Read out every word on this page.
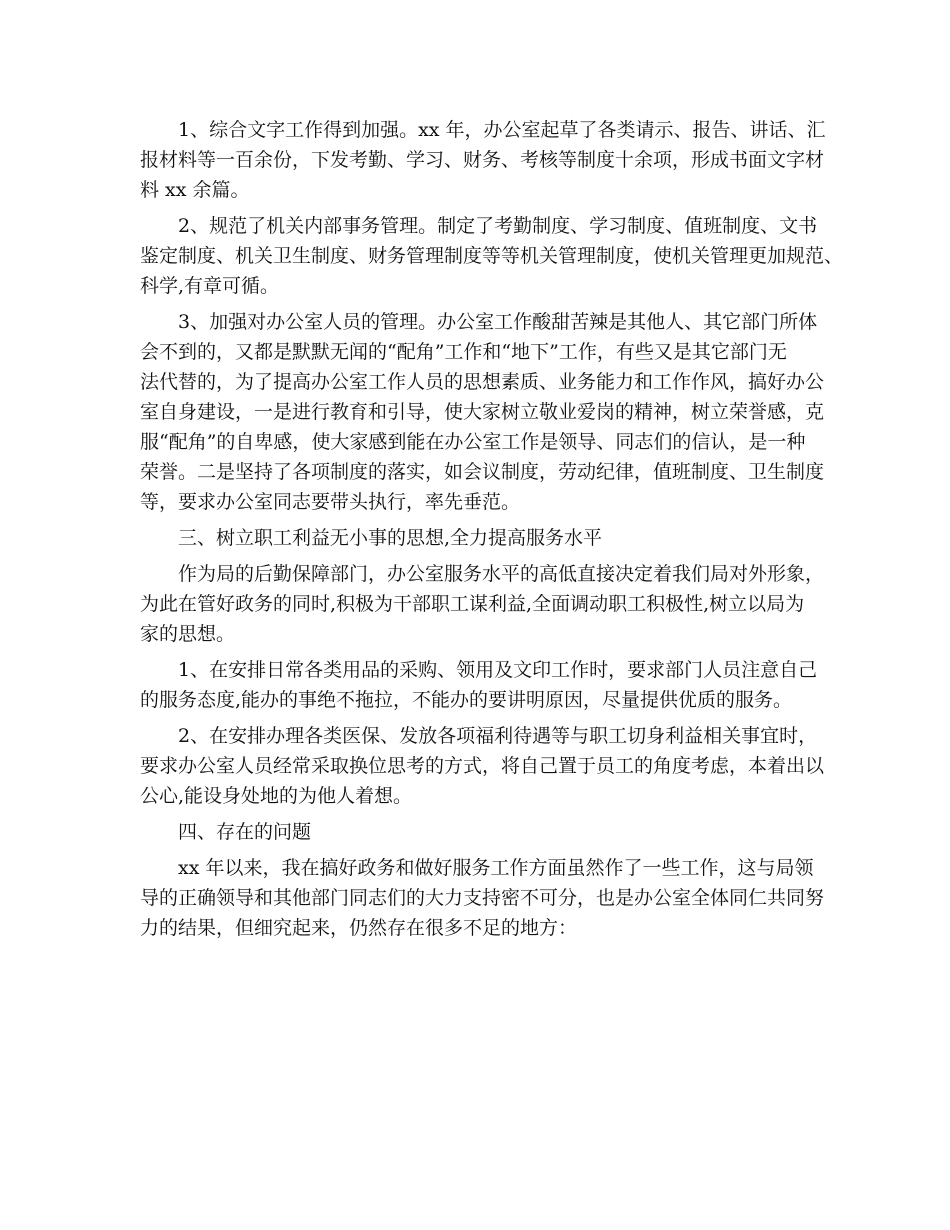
1、综合文字工作得到加强。xx 年，办公室起草了各类请示、报告、讲话、汇
报材料等一百余份，下发考勤、学习、财务、考核等制度十余项，形成书面文字材
料 xx 余篇。
2、规范了机关内部事务管理。制定了考勤制度、学习制度、值班制度、文书
鉴定制度、机关卫生制度、财务管理制度等等机关管理制度，使机关管理更加规范、
科学,有章可循。
3、加强对办公室人员的管理。办公室工作酸甜苦辣是其他人、其它部门所体
会不到的，又都是默默无闻的“配角”工作和“地下”工作，有些又是其它部门无
法代替的，为了提高办公室工作人员的思想素质、业务能力和工作作风，搞好办公
室自身建设，一是进行教育和引导，使大家树立敬业爱岗的精神，树立荣誉感，克
服“配角”的自卑感，使大家感到能在办公室工作是领导、同志们的信认，是一种
荣誉。二是坚持了各项制度的落实，如会议制度，劳动纪律，值班制度、卫生制度
等，要求办公室同志要带头执行，率先垂范。
三、树立职工利益无小事的思想,全力提高服务水平
作为局的后勤保障部门，办公室服务水平的高低直接决定着我们局对外形象，
为此在管好政务的同时,积极为干部职工谋利益,全面调动职工积极性,树立以局为
家的思想。
1、在安排日常各类用品的采购、领用及文印工作时，要求部门人员注意自己
的服务态度,能办的事绝不拖拉，不能办的要讲明原因，尽量提供优质的服务。
2、在安排办理各类医保、发放各项福利待遇等与职工切身利益相关事宜时，
要求办公室人员经常采取换位思考的方式，将自己置于员工的角度考虑，本着出以
公心,能设身处地的为他人着想。
四、存在的问题
xx 年以来，我在搞好政务和做好服务工作方面虽然作了一些工作，这与局领
导的正确领导和其他部门同志们的大力支持密不可分，也是办公室全体同仁共同努
力的结果，但细究起来，仍然存在很多不足的地方：
